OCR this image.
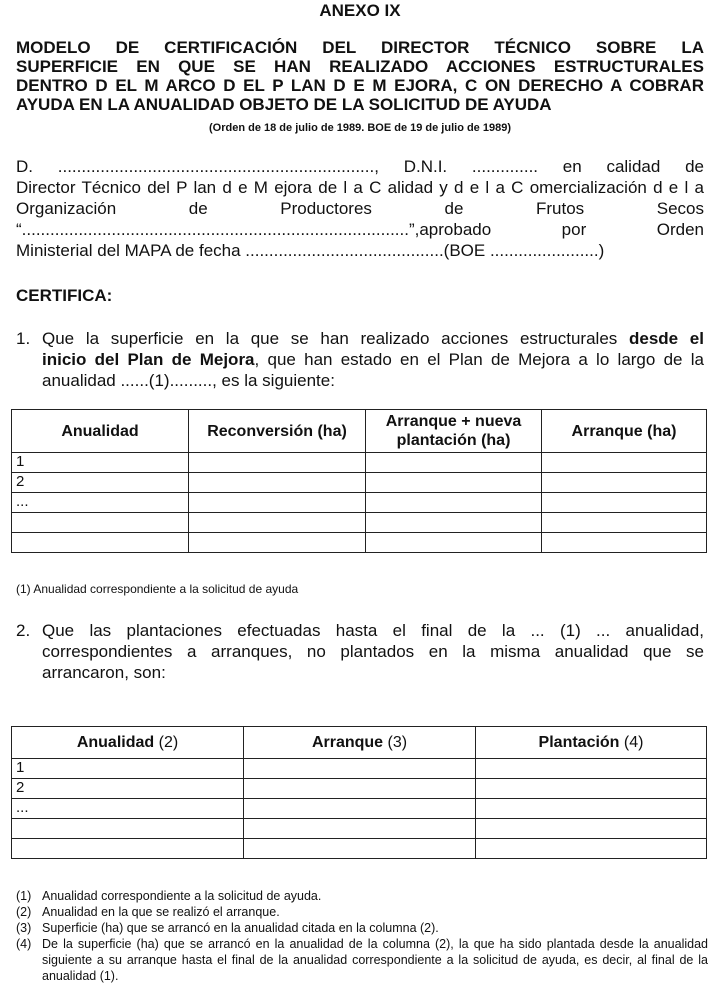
ANEXO IX
MODELO DE CERTIFICACIÓN DEL DIRECTOR TÉCNICO SOBRE LA
SUPERFICIE EN QUE SE HAN REALIZADO ACCIONES ESTRUCTURALES
DENTRO D EL M ARCO D EL P LAN D E M EJORA, C ON DERECHO A COBRAR
AYUDA EN LA ANUALIDAD OBJETO DE LA SOLICITUD DE AYUDA
(Orden de 18 de julio de 1989. BOE de 19 de julio de 1989)
D. ..................................................................., D.N.I. .............. en calidad de
Director Técnico del P lan d e M ejora de l a C alidad y d e l a C omercialización d e l a
Organización de Productores de Frutos Secos
“..................................................................................”,aprobado por Orden
Ministerial del MAPA de fecha ..........................................(BOE .......................)
CERTIFICA:
1. Que la superficie en la que se han realizado acciones estructurales desde el
inicio del Plan de Mejora, que han estado en el Plan de Mejora a lo largo de la
anualidad ......(1)........., es la siguiente:
Anualidad	Reconversión (ha)	Arranque + nueva plantación (ha)	Arranque (ha)
1			
2			
...			

(1) Anualidad correspondiente a la solicitud de ayuda
2. Que las plantaciones efectuadas hasta el final de la ... (1) ... anualidad,
correspondientes a arranques, no plantados en la misma anualidad que se
arrancaron, son:
Anualidad (2)	Arranque (3)	Plantación (4)
1		
2		
...		

(1) Anualidad correspondiente a la solicitud de ayuda.
(2) Anualidad en la que se realizó el arranque.
(3) Superficie (ha) que se arrancó en la anualidad citada en la columna (2).
(4) De la superficie (ha) que se arrancó en la anualidad de la columna (2), la que ha sido plantada desde la anualidad siguiente a su arranque hasta el final de la anualidad correspondiente a la solicitud de ayuda, es decir, al final de la anualidad (1).
